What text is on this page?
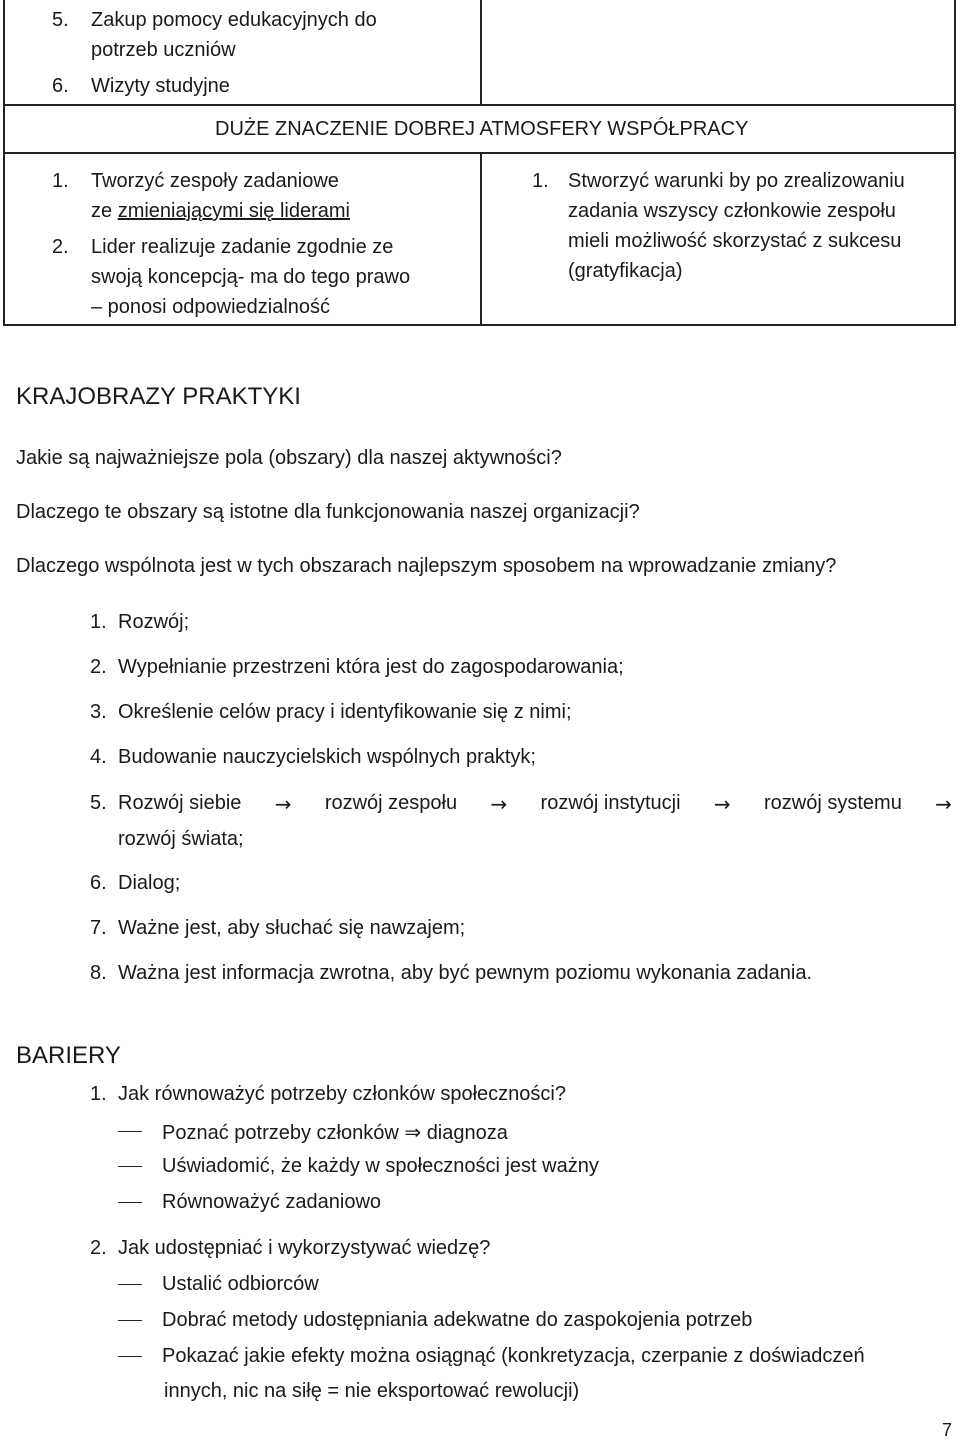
5. Zakup pomocy edukacyjnych do potrzeb uczniów
6. Wizyty studyjne
DUŻE ZNACZENIE DOBREJ ATMOSFERY WSPÓŁPRACY
1. Tworzyć zespoły zadaniowe
ze zmieniającymi się liderami
2. Lider realizuje zadanie zgodnie ze swoją koncepcją- ma do tego prawo – ponosi odpowiedzialność
1. Stworzyć warunki by po zrealizowaniu zadania wszyscy członkowie zespołu mieli możliwość skorzystać z sukcesu (gratyfikacja)
KRAJOBRAZY PRAKTYKI
Jakie są najważniejsze pola (obszary) dla naszej aktywności?
Dlaczego te obszary są istotne dla funkcjonowania naszej organizacji?
Dlaczego wspólnota jest w tych obszarach najlepszym sposobem na wprowadzanie zmiany?
1. Rozwój;
2. Wypełnianie przestrzeni która jest do zagospodarowania;
3. Określenie celów pracy i identyfikowanie się z nimi;
4. Budowanie nauczycielskich wspólnych praktyk;
5. Rozwój siebie → rozwój zespołu → rozwój instytucji → rozwój systemu →
rozwój świata;
6. Dialog;
7. Ważne jest, aby słuchać się nawzajem;
8. Ważna jest informacja zwrotna, aby być pewnym poziomu wykonania zadania.
BARIERY
1. Jak równoważyć potrzeby członków społeczności?
Poznać potrzeby członków ⇒ diagnoza
Uświadomić, że każdy w społeczności jest ważny
Równoważyć zadaniowo
2. Jak udostępniać i wykorzystywać wiedzę?
Ustalić odbiorców
Dobrać metody udostępniania adekwatne do zaspokojenia potrzeb
Pokazać jakie efekty można osiągnąć (konkretyzacja, czerpanie z doświadczeń
innych, nic na siłę = nie eksportować rewolucji)
7
